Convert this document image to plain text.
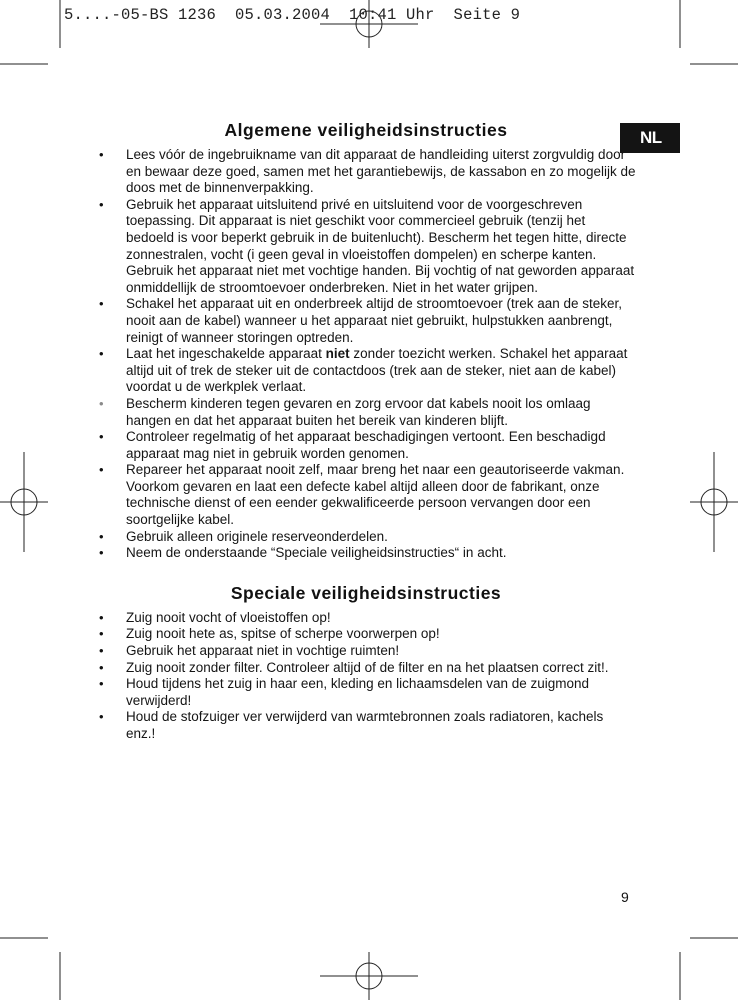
5....-05-BS 1236  05.03.2004  10:41 Uhr  Seite 9
NL
Algemene veiligheidsinstructies
• Lees vóór de ingebruikname van dit apparaat de handleiding uiterst zorgvuldig door en bewaar deze goed, samen met het garantiebewijs, de kassabon en zo mogelijk de doos met de binnenverpakking.
• Gebruik het apparaat uitsluitend privé en uitsluitend voor de voorgeschreven toepassing. Dit apparaat is niet geschikt voor commercieel gebruik (tenzij het bedoeld is voor beperkt gebruik in de buitenlucht). Bescherm het tegen hitte, directe zonnestralen, vocht (i geen geval in vloeistoffen dompelen) en scherpe kanten. Gebruik het apparaat niet met vochtige handen. Bij vochtig of nat geworden apparaat onmiddellijk de stroomtoevoer onderbreken. Niet in het water grijpen.
• Schakel het apparaat uit en onderbreek altijd de stroomtoevoer (trek aan de steker, nooit aan de kabel) wanneer u het apparaat niet gebruikt, hulpstukken aanbrengt, reinigt of wanneer storingen optreden.
• Laat het ingeschakelde apparaat niet zonder toezicht werken. Schakel het apparaat altijd uit of trek de steker uit de contactdoos (trek aan de steker, niet aan de kabel) voordat u de werkplek verlaat.
• Bescherm kinderen tegen gevaren en zorg ervoor dat kabels nooit los omlaag hangen en dat het apparaat buiten het bereik van kinderen blijft.
• Controleer regelmatig of het apparaat beschadigingen vertoont. Een beschadigd apparaat mag niet in gebruik worden genomen.
• Repareer het apparaat nooit zelf, maar breng het naar een geautoriseerde vakman. Voorkom gevaren en laat een defecte kabel altijd alleen door de fabrikant, onze technische dienst of een eender gekwalificeerde persoon vervangen door een soortgelijke kabel.
• Gebruik alleen originele reserveonderdelen.
• Neem de onderstaande “Speciale veiligheidsinstructies“ in acht.
Speciale veiligheidsinstructies
• Zuig nooit vocht of vloeistoffen op!
• Zuig nooit hete as, spitse of scherpe voorwerpen op!
• Gebruik het apparaat niet in vochtige ruimten!
• Zuig nooit zonder filter. Controleer altijd of de filter en na het plaatsen correct zit!.
• Houd tijdens het zuig in haar een, kleding en lichaamsdelen van de zuigmond verwijderd!
• Houd de stofzuiger ver verwijderd van warmtebronnen zoals radiatoren, kachels enz.!
9
